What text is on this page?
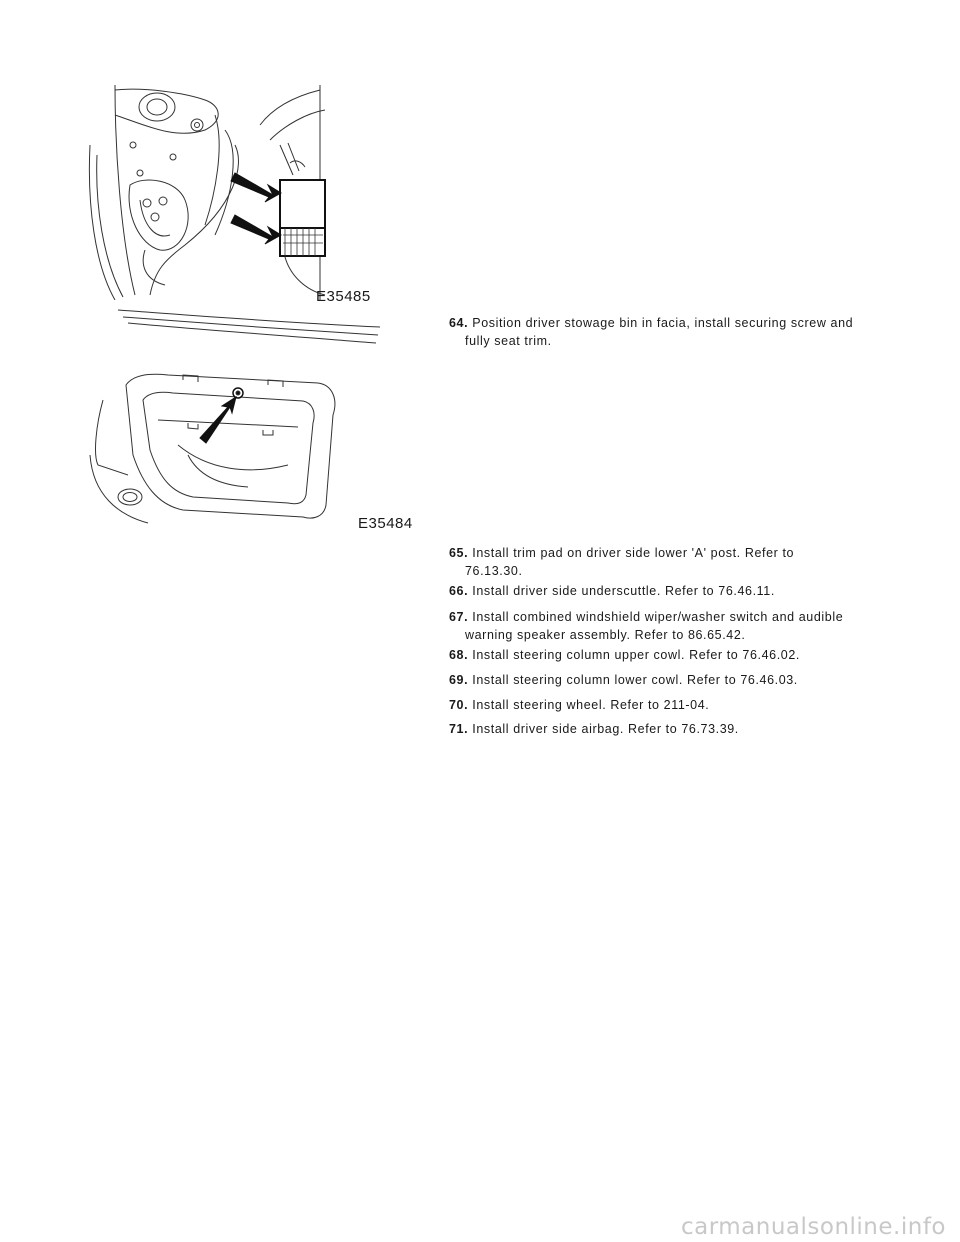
E35485
E35484
64. Position driver stowage bin in facia, install securing screw and
fully seat trim.
65. Install trim pad on driver side lower 'A' post. Refer to
76.13.30.
66. Install driver side underscuttle. Refer to 76.46.11.
67. Install combined windshield wiper/washer switch and audible
warning speaker assembly. Refer to 86.65.42.
68. Install steering column upper cowl. Refer to 76.46.02.
69. Install steering column lower cowl. Refer to 76.46.03.
70. Install steering wheel. Refer to 211-04.
71. Install driver side airbag. Refer to 76.73.39.
carmanualsonline.info
